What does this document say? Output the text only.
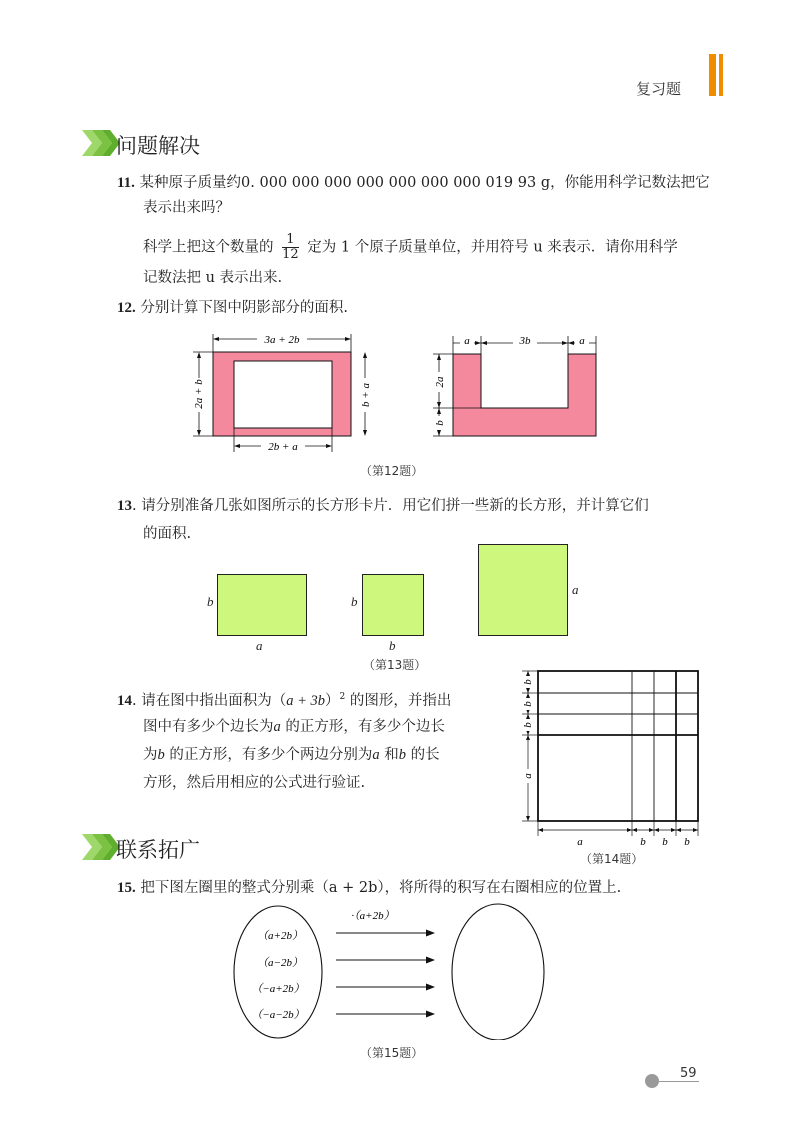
复习题
问题解决
11. 某种原子质量约0. 000 000 000 000 000 000 000 019 93 g，你能用科学记数法把它
表示出来吗？
科学上把这个数量的 $\frac{1}{12}$ 定为 1 个原子质量单位，并用符号 u 来表示．请你用科学
记数法把 u 表示出来.
12. 分别计算下图中阴影部分的面积.
3a + 2b
2a + b	b + a
2b + a
a	3b	a
2a
b
（第12题）
13. 请分别准备几张如图所示的长方形卡片．用它们拼一些新的长方形，并计算它们
的面积.
b
a
b
b
a
（第13题）
14. 请在图中指出面积为$(a + 3b)^2$ 的图形，并指出
图中有多少个边长为a 的正方形，有多少个边长
为b 的正方形，有多少个两边分别为a 和b 的长
方形，然后用相应的公式进行验证.
b
b
b
a
a	b b b
（第14题）
联系拓广
15. 把下图左圈里的整式分别乘（a + 2b），将所得的积写在右圈相应的位置上.
·（a+2b）
（a+2b）
（a−2b）
（−a+2b）
（−a−2b）
（第15题）
59
